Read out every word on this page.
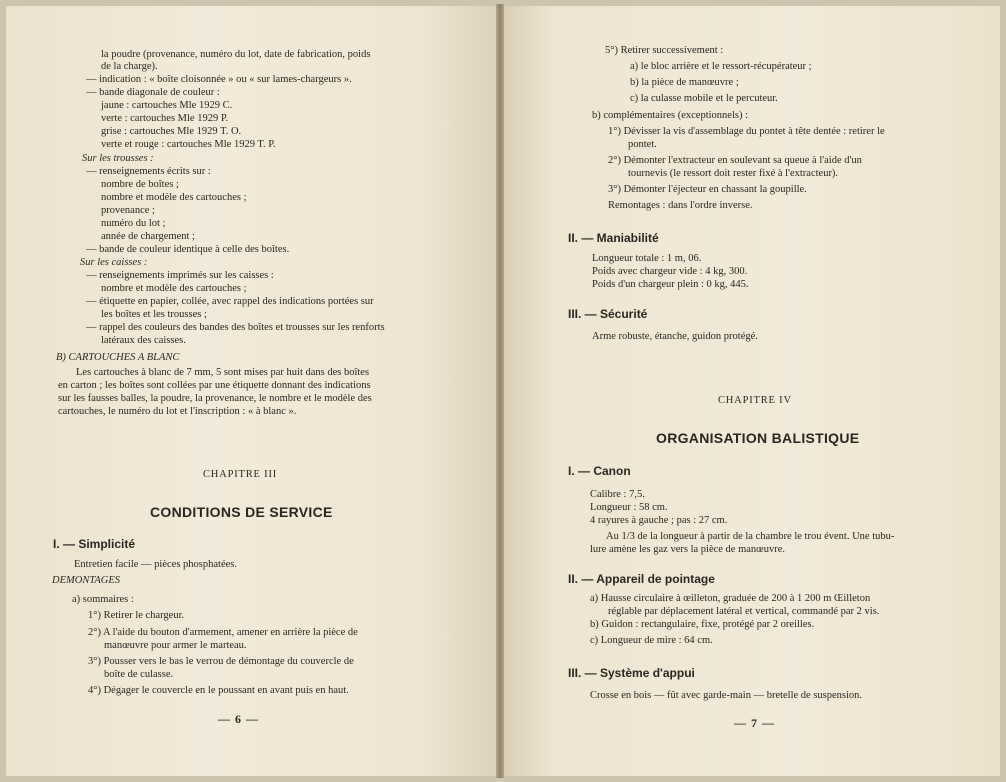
la poudre (provenance, numéro du lot, date de fabrication, poids
de la charge).
— indication : « boîte cloisonnée » ou « sur lames-chargeurs ».
— bande diagonale de couleur :
jaune : cartouches Mle 1929 C.
verte : cartouches Mle 1929 P.
grise : cartouches Mle 1929 T. O.
verte et rouge : cartouches Mle 1929 T. P.
Sur les trousses :
— renseignements écrits sur :
nombre de boîtes ;
nombre et modèle des cartouches ;
provenance ;
numéro du lot ;
année de chargement ;
— bande de couleur identique à celle des boîtes.
Sur les caisses :
— renseignements imprimés sur les caisses :
nombre et modèle des cartouches ;
— étiquette en papier, collée, avec rappel des indications portées sur
les boîtes et les trousses ;
— rappel des couleurs des bandes des boîtes et trousses sur les renforts
latéraux des caisses.
B) CARTOUCHES A BLANC
Les cartouches à blanc de 7 mm, 5 sont mises par huit dans des boîtes
en carton ; les boîtes sont collées par une étiquette donnant des indications
sur les fausses balles, la poudre, la provenance, le nombre et le modèle des
cartouches, le numéro du lot et l'inscription : « à blanc ».
CHAPITRE III
CONDITIONS DE SERVICE
I. — Simplicité
Entretien facile — pièces phosphatées.
DEMONTAGES
a) sommaires :
1°) Retirer le chargeur.
2°) A l'aide du bouton d'armement, amener en arrière la pièce de
manœuvre pour armer le marteau.
3°) Pousser vers le bas le verrou de démontage du couvercle de
boîte de culasse.
4°) Dégager le couvercle en le poussant en avant puis en haut.
— 6 —
5°) Retirer successivement :
a) le bloc arrière et le ressort-récupérateur ;
b) la pièce de manœuvre ;
c) la culasse mobile et le percuteur.
b) complémentaires (exceptionnels) :
1°) Dévisser la vis d'assemblage du pontet à tête dentée : retirer le
pontet.
2°) Démonter l'extracteur en soulevant sa queue à l'aide d'un
tournevis (le ressort doit rester fixé à l'extracteur).
3°) Démonter l'éjecteur en chassant la goupille.
Remontages : dans l'ordre inverse.
II. — Maniabilité
Longueur totale : 1 m, 06.
Poids avec chargeur vide : 4 kg, 300.
Poids d'un chargeur plein : 0 kg, 445.
III. — Sécurité
Arme robuste, étanche, guidon protégé.
CHAPITRE IV
ORGANISATION BALISTIQUE
I. — Canon
Calibre : 7,5.
Longueur : 58 cm.
4 rayures à gauche ; pas : 27 cm.
Au 1/3 de la longueur à partir de la chambre le trou évent. Une tubu-
lure amène les gaz vers la pièce de manœuvre.
II. — Appareil de pointage
a) Hausse circulaire à œilleton, graduée de 200 à 1 200 m Œilleton
réglable par déplacement latéral et vertical, commandé par 2 vis.
b) Guidon : rectangulaire, fixe, protégé par 2 oreilles.
c) Longueur de mire : 64 cm.
III. — Système d'appui
Crosse en bois — fût avec garde-main — bretelle de suspension.
— 7 —
